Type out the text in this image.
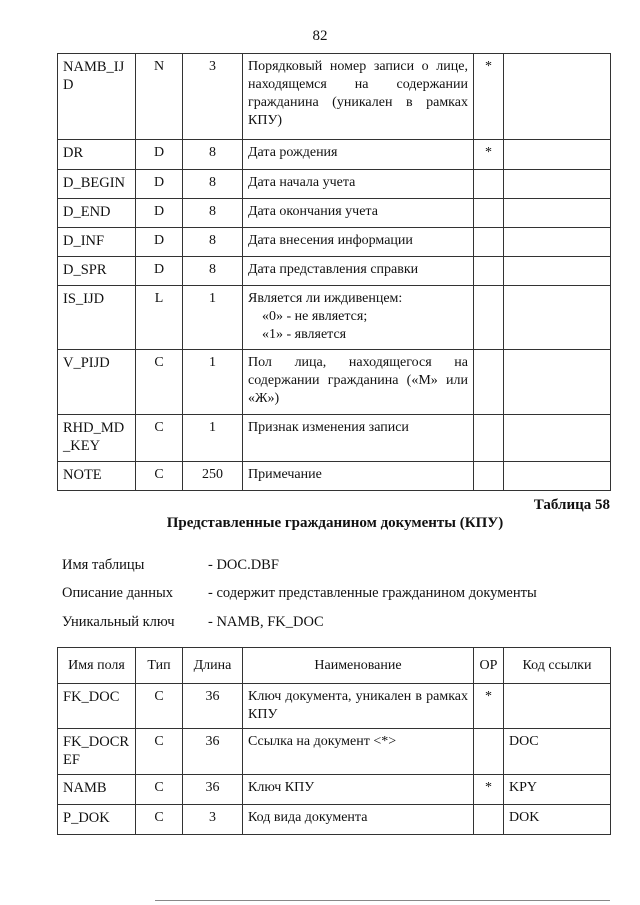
82
NAMB_IJ
D	N	3	Порядковый номер записи о лице, находящемся на содержании гражданина (уникален в рамках КПУ)	*	
DR	D	8	Дата рождения	*	
D_BEGIN	D	8	Дата начала учета		
D_END	D	8	Дата окончания учета		
D_INF	D	8	Дата внесения информации		
D_SPR	D	8	Дата представления справки		
IS_IJD	L	1	Является ли иждивенцем:
«0» - не является;
«1» - является		

V_PIJD	C	1	Пол лица, находящегося на содержании гражданина («М» или «Ж»)		

RHD_MD
_KEY	C	1	Признак изменения записи		
NOTE	C	250	Примечание		
Таблица 58
Представленные гражданином документы (КПУ)
Имя таблицы	- DOC.DBF
Описание данных - содержит представленные гражданином документы
Уникальный ключ - NAMB, FK_DOC
Имя поля	Тип	Длина	Наименование	ОР	Код ссылки
FK_DOC	C	36	Ключ документа, уникален в рамках КПУ	*	

FK_DOCR
EF	C	36	Ссылка на документ <*>		DOC
NAMB	C	36	Ключ КПУ	*	KPY
P_DOK	C	3	Код вида документа		DOK
